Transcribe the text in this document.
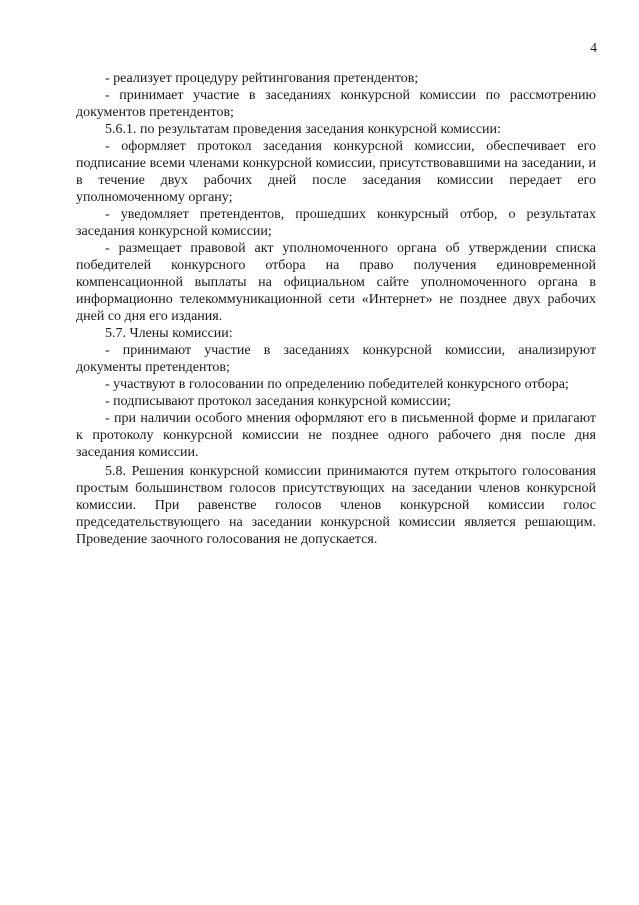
4

- реализует процедуру рейтингования претендентов;

- принимает участие в заседаниях конкурсной комиссии по рассмотрению документов претендентов;

5.6.1. по результатам проведения заседания конкурсной комиссии:

- оформляет протокол заседания конкурсной комиссии, обеспечивает его подписание всеми членами конкурсной комиссии, присутствовавшими на заседании, и в течение двух рабочих дней после заседания комиссии передает его уполномоченному органу;

- уведомляет претендентов, прошедших конкурсный отбор, о результатах заседания конкурсной комиссии;

- размещает правовой акт уполномоченного органа об утверждении списка победителей конкурсного отбора на право получения единовременной компенсационной выплаты на официальном сайте уполномоченного органа в информационно телекоммуникационной сети «Интернет» не позднее двух рабочих дней со дня его издания.

5.7. Члены комиссии:

- принимают участие в заседаниях конкурсной комиссии, анализируют документы претендентов;

- участвуют в голосовании по определению победителей конкурсного отбора;

- подписывают протокол заседания конкурсной комиссии;

- при наличии особого мнения оформляют его в письменной форме и прилагают к протоколу конкурсной комиссии не позднее одного рабочего дня после дня заседания комиссии.

5.8. Решения конкурсной комиссии принимаются путем открытого голосования простым большинством голосов присутствующих на заседании членов конкурсной комиссии. При равенстве голосов членов конкурсной комиссии голос председательствующего на заседании конкурсной комиссии является решающим. Проведение заочного голосования не допускается.
